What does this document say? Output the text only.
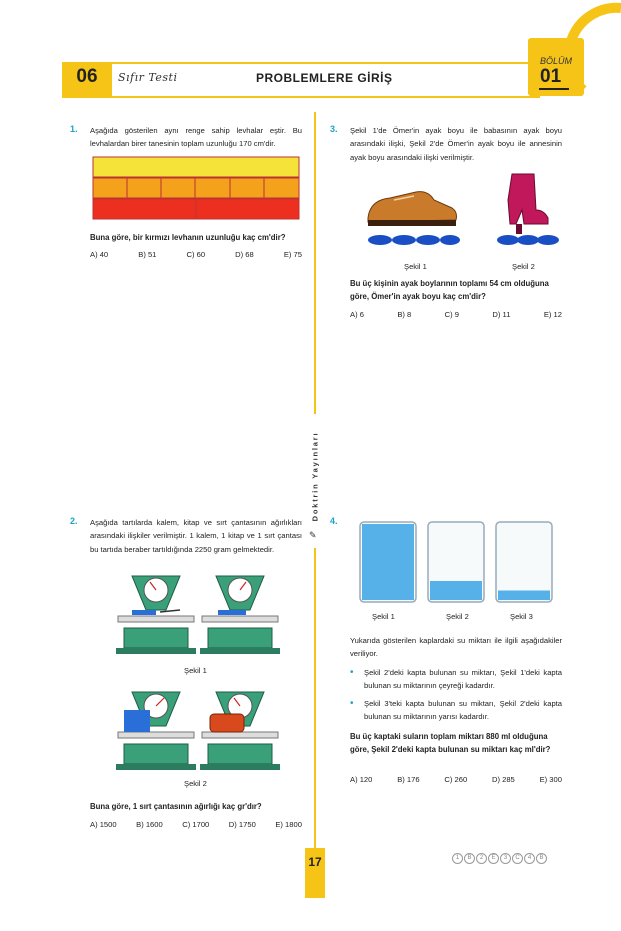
06	Sıfır Testi	PROBLEMLERE GİRİŞ
BÖLÜM
01
Doktrin Yayınları
✎
1. Aşağıda gösterilen aynı renge sahip levhalar eştir. Bu levhalardan birer tanesinin toplam uzunluğu 170 cm'dir.
Buna göre, bir kırmızı levhanın uzunluğu kaç cm'dir?
A) 40	B) 51	C) 60	D) 68	E) 75
3. Şekil 1'de Ömer'in ayak boyu ile babasının ayak boyu arasındaki ilişki, Şekil 2'de Ömer'in ayak boyu ile annesinin ayak boyu arasındaki ilişki verilmiştir.
Şekil 1	Şekil 2
Bu üç kişinin ayak boylarının toplamı 54 cm olduğuna göre, Ömer'in ayak boyu kaç cm'dir?
A) 6	B) 8	C) 9	D) 11	E) 12
2. Aşağıda tartılarda kalem, kitap ve sırt çantasının ağırlıkları arasındaki ilişkiler verilmiştir. 1 kalem, 1 kitap ve 1 sırt çantası bu tartıda beraber tartıldığında 2250 gram gelmektedir.
Şekil 1
Şekil 2
Buna göre, 1 sırt çantasının ağırlığı kaç gr'dır?
A) 1500	B) 1600	C) 1700	D) 1750	E) 1800
4.
Şekil 1	Şekil 2	Şekil 3
Yukarıda gösterilen kaplardaki su miktarı ile ilgili aşağıdakiler veriliyor.
• Şekil 2'deki kapta bulunan su miktarı, Şekil 1'deki kapta bulunan su miktarının çeyreği kadardır.
• Şekil 3'teki kapta bulunan su miktarı, Şekil 2'deki kapta bulunan su miktarının yarısı kadardır.
Bu üç kaptaki suların toplam miktarı 880 ml olduğuna göre, Şekil 2'deki kapta bulunan su miktarı kaç ml'dir?
A) 120	B) 176	C) 260	D) 285	E) 300
17	1	B	2	E	3	C	4	B
